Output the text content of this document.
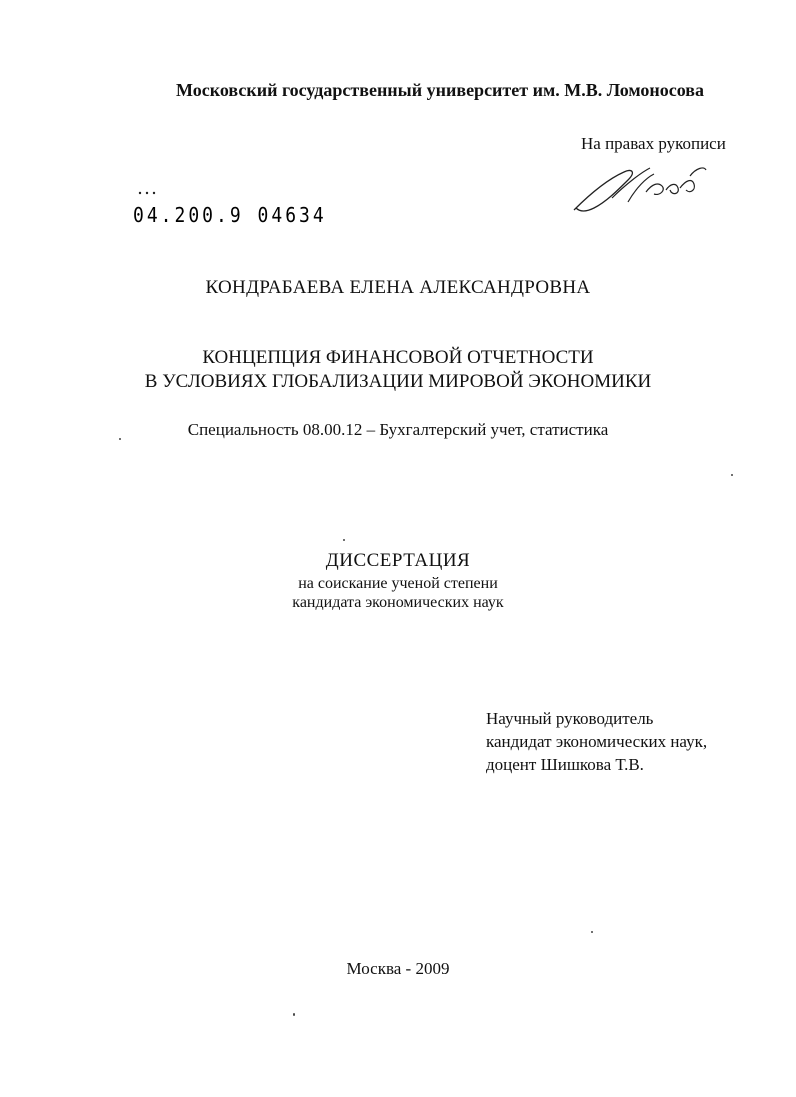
Московский государственный университет им. М.В. Ломоносова
На правах рукописи
04.200.9 04634
КОНДРАБАЕВА ЕЛЕНА АЛЕКСАНДРОВНА
КОНЦЕПЦИЯ ФИНАНСОВОЙ ОТЧЕТНОСТИ
В УСЛОВИЯХ ГЛОБАЛИЗАЦИИ МИРОВОЙ ЭКОНОМИКИ
Специальность 08.00.12 – Бухгалтерский учет, статистика
ДИССЕРТАЦИЯ
на соискание ученой степени
кандидата экономических наук
Научный руководитель
кандидат экономических наук,
доцент Шишкова Т.В.
Москва - 2009
